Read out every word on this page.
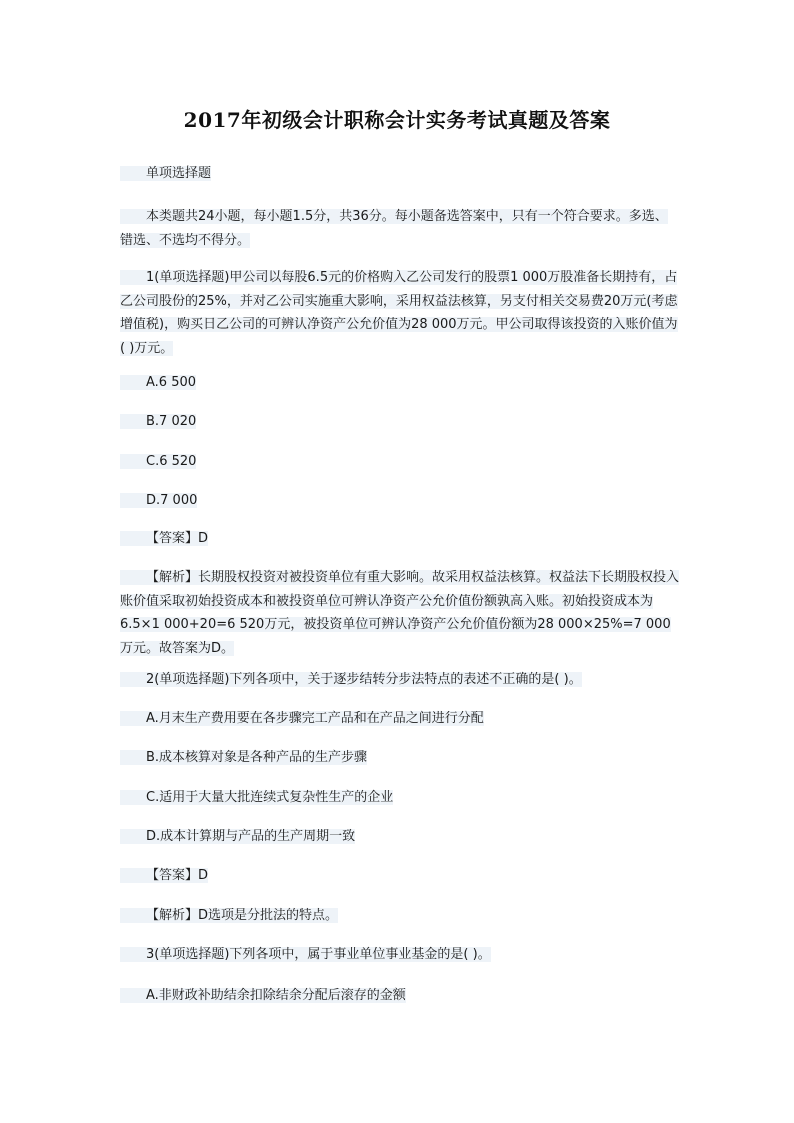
2017年初级会计职称会计实务考试真题及答案
单项选择题
本类题共24小题，每小题1.5分，共36分。每小题备选答案中，只有一个符合要求。多选、错选、不选均不得分。
1(单项选择题)甲公司以每股6.5元的价格购入乙公司发行的股票1 000万股准备长期持有，占乙公司股份的25%，并对乙公司实施重大影响，采用权益法核算，另支付相关交易费20万元(考虑增值税)，购买日乙公司的可辨认净资产公允价值为28 000万元。甲公司取得该投资的入账价值为( )万元。
A.6 500
B.7 020
C.6 520
D.7 000
【答案】D
【解析】长期股权投资对被投资单位有重大影响。故采用权益法核算。权益法下长期股权投入账价值采取初始投资成本和被投资单位可辨认净资产公允价值份额孰高入账。初始投资成本为6.5×1 000+20=6 520万元，被投资单位可辨认净资产公允价值份额为28 000×25%=7 000万元。故答案为D。
2(单项选择题)下列各项中，关于逐步结转分步法特点的表述不正确的是( )。
A.月末生产费用要在各步骤完工产品和在产品之间进行分配
B.成本核算对象是各种产品的生产步骤
C.适用于大量大批连续式复杂性生产的企业
D.成本计算期与产品的生产周期一致
【答案】D
【解析】D选项是分批法的特点。
3(单项选择题)下列各项中，属于事业单位事业基金的是( )。
A.非财政补助结余扣除结余分配后滚存的金额
